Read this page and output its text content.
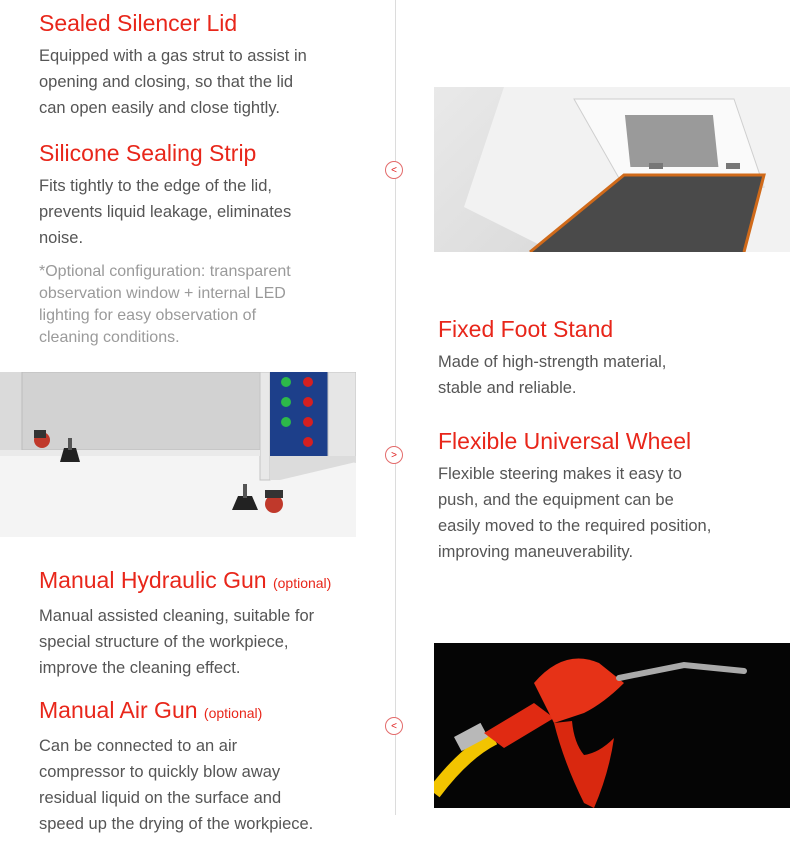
<
>
<
Sealed Silencer Lid

Equipped with a gas strut to assist in
opening and closing, so that the lid
can open easily and close tightly.

Silicone Sealing Strip

Fits tightly to the edge of the lid,
prevents liquid leakage, eliminates
noise.

*Optional configuration: transparent
observation window + internal LED
lighting for easy observation of
cleaning conditions.	Fixed Foot Stand

Made of high-strength material,
stable and reliable.

Flexible Universal Wheel

Flexible steering makes it easy to
push, and the equipment can be
easily moved to the required position,
improving maneuverability.

Manual Hydraulic Gun (optional)

Manual assisted cleaning, suitable for
special structure of the workpiece,
improve the cleaning effect.

Manual Air Gun (optional)

Can be connected to an air
compressor to quickly blow away
residual liquid on the surface and
speed up the drying of the workpiece.
